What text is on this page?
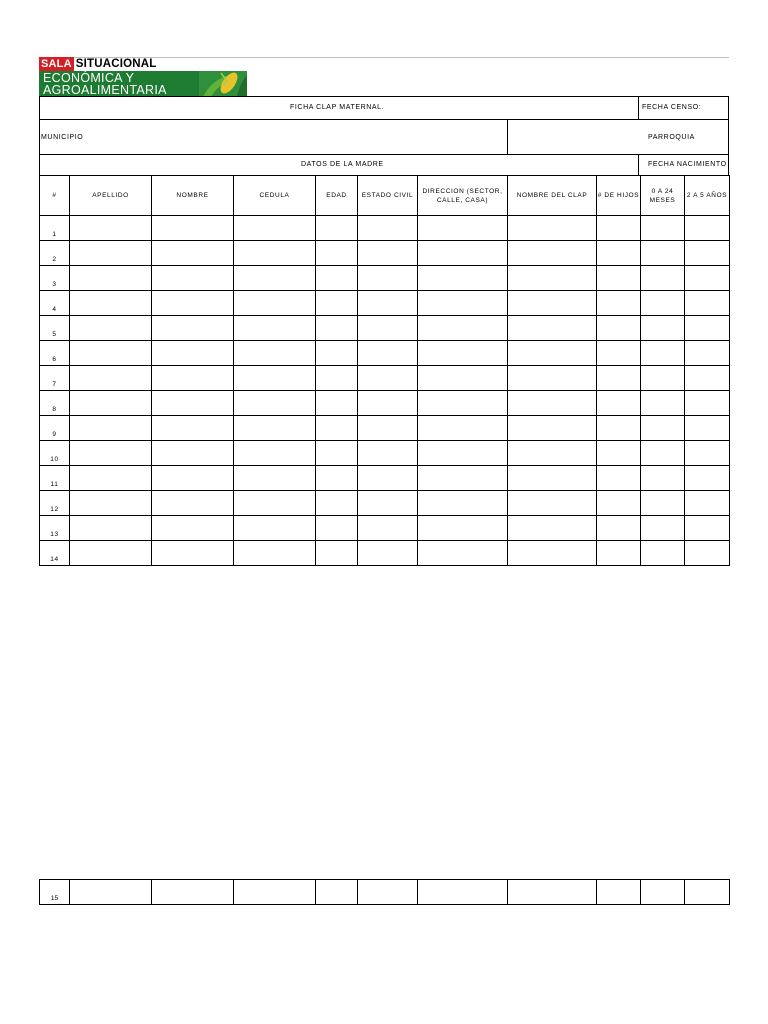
SALA SITUACIONAL
ECONÓMICA Y
AGROALIMENTARIA
FICHA CLAP MATERNAL.	FECHA CENSO:
MUNICIPIO	PARROQUIA
DATOS DE LA MADRE	FECHA NACIMIENTO
#	APELLIDO	NOMBRE	CEDULA	EDAD	ESTADO CIVIL	DIRECCION (SECTOR, CALLE, CASA)	NOMBRE DEL CLAP	# DE HIJOS	0 A 24 MESES	2 A 5 AÑOS
1										
2										
3										
4										
5										
6										
7										
8										
9										
10										
11										
12										
13										
14										
15										
